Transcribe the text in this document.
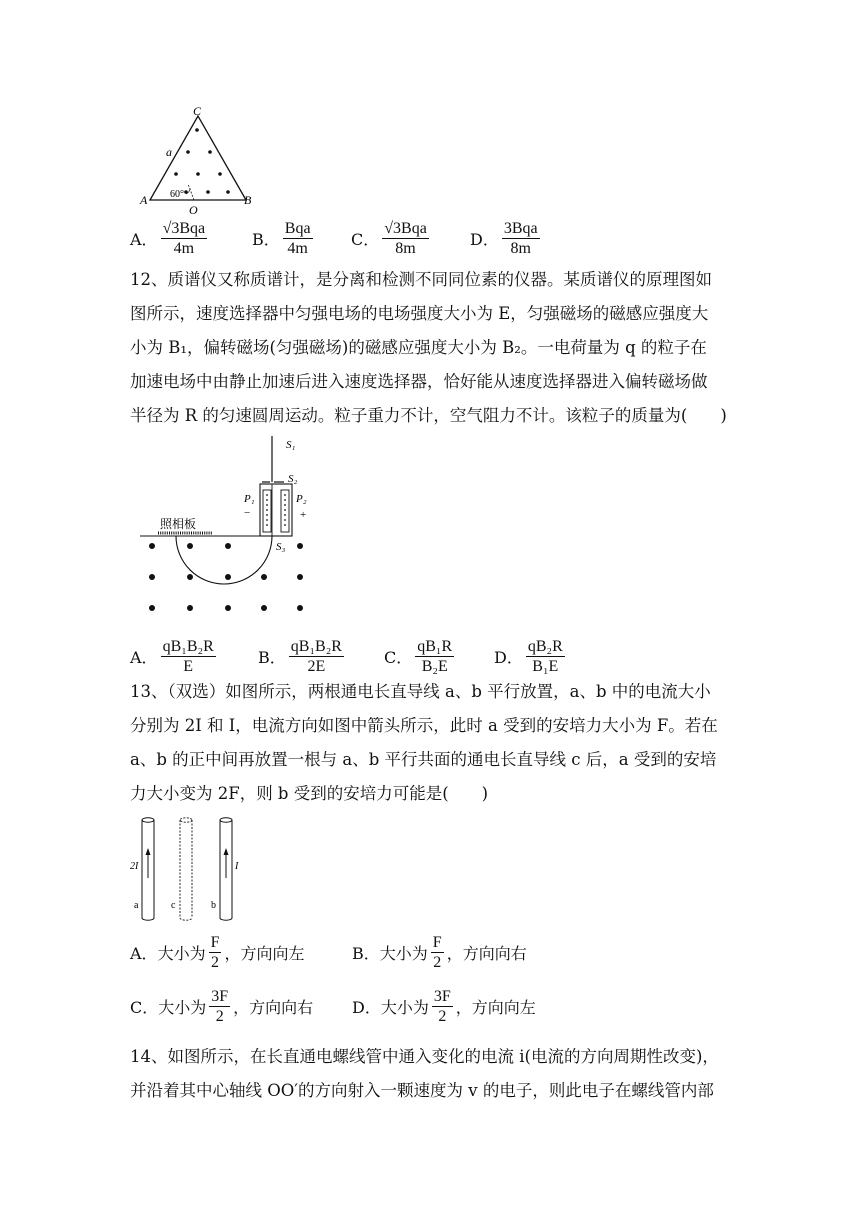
C
a
A	B
O
60°
A． $\frac{\text{√3Bqa}}{4m}$	B． $\frac{\text{Bqa}}{4m}$ C． $\frac{\text{√3Bqa}}{8m}$	D． $\frac{\text{3Bqa}}{8m}$
12、质谱仪又称质谱计，是分离和检测不同同位素的仪器。某质谱仪的原理图如
图所示，速度选择器中匀强电场的电场强度大小为 E，匀强磁场的磁感应强度大
小为 B₁，偏转磁场(匀强磁场)的磁感应强度大小为 B₂。一电荷量为 q 的粒子在
加速电场中由静止加速后进入速度选择器，恰好能从速度选择器进入偏转磁场做
半径为 R 的匀速圆周运动。粒子重力不计，空气阻力不计。该粒子的质量为(　　)
S₁
S₂
P₁
−
P₂
+
照相板
S₃
A． $\frac{\text{qB₁B₂R}}{E}$	B． $\frac{\text{qB₁B₂R}}{2E}$	C． $\frac{\text{qB₁R}}{\text{B₂E}}$ D． $\frac{\text{qB₂R}}{\text{B₁E}}$
13、（双选）如图所示，两根通电长直导线 a、b 平行放置，a、b 中的电流大小
分别为 2I 和 I，电流方向如图中箭头所示，此时 a 受到的安培力大小为 F。若在
a、b 的正中间再放置一根与 a、b 平行共面的通电长直导线 c 后，a 受到的安培
力大小变为 2F，则 b 受到的安培力可能是(　　)
2I
a	c
I
b
A． 大小为 $\frac{F}{2}$ ，方向向左	B． 大小为 $\frac{F}{2}$ ，方向向右
C． 大小为 $\frac{3F}{2}$ ，方向向右 D． 大小为 $\frac{3F}{2}$ ，方向向左
14、如图所示，在长直通电螺线管中通入变化的电流 i(电流的方向周期性改变)，
并沿着其中心轴线 OO′的方向射入一颗速度为 v 的电子，则此电子在螺线管内部
